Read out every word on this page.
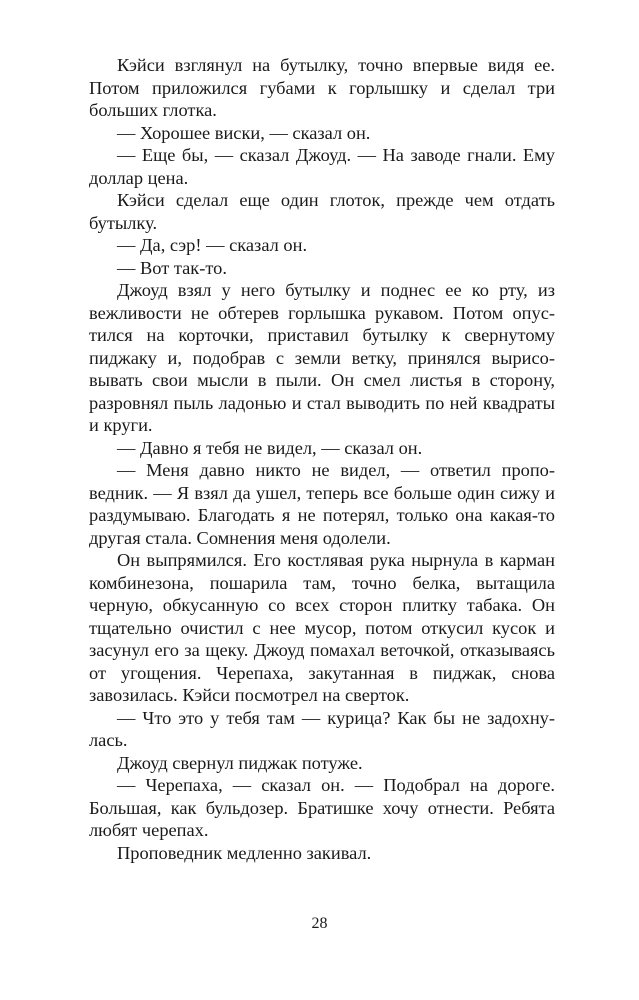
Кэйси взглянул на бутылку, точно впервые видя ее. Потом приложился губами к горлышку и сделал три больших глотка.

— Хорошее виски, — сказал он.

— Еще бы, — сказал Джоуд. — На заводе гнали. Ему доллар цена.

Кэйси сделал еще один глоток, прежде чем отдать бутылку.

— Да, сэр! — сказал он.

— Вот так-то.

Джоуд взял у него бутылку и поднес ее ко рту, из вежливости не обтерев горлышка рукавом. Потом опустился на корточки, приставил бутылку к свернутому пиджаку и, подобрав с земли ветку, принялся вырисовывать свои мысли в пыли. Он смел листья в сторону, разровнял пыль ладонью и стал выводить по ней квадраты и круги.

— Давно я тебя не видел, — сказал он.

— Меня давно никто не видел, — ответил проповедник. — Я взял да ушел, теперь все больше один сижу и раздумываю. Благодать я не потерял, только она какая-то другая стала. Сомнения меня одолели.

Он выпрямился. Его костлявая рука нырнула в карман комбинезона, пошарила там, точно белка, вытащила черную, обкусанную со всех сторон плитку табака. Он тщательно очистил с нее мусор, потом откусил кусок и засунул его за щеку. Джоуд помахал веточкой, отказываясь от угощения. Черепаха, закутанная в пиджак, снова завозилась. Кэйси посмотрел на сверток.

— Что это у тебя там — курица? Как бы не задохнулась.

Джоуд свернул пиджак потуже.

— Черепаха, — сказал он. — Подобрал на дороге. Большая, как бульдозер. Братишке хочу отнести. Ребята любят черепах.

Проповедник медленно закивал.

28
